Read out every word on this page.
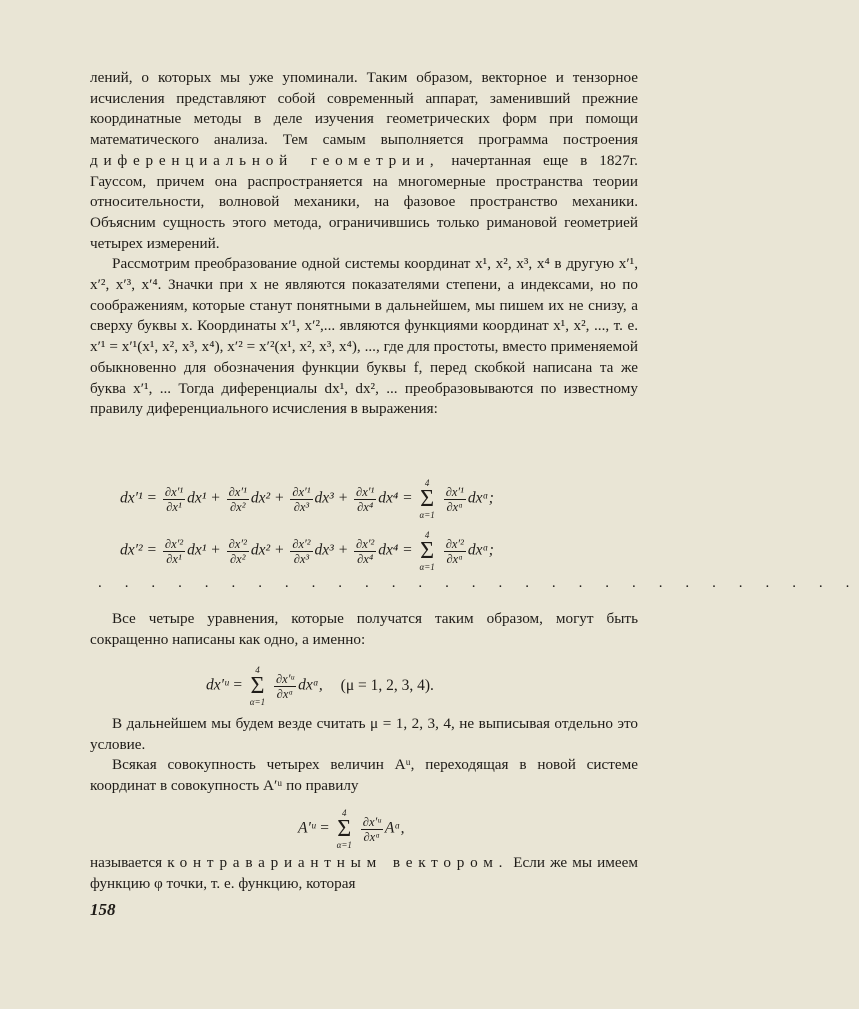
лений, о которых мы уже упоминали. Таким образом, векторное и тензорное исчисления представляют собой современный аппарат, заменивший прежние координатные методы в деле изучения геометрических форм при помощи математического анализа. Тем самым выполняется программа построения диференциальной геометрии, начертанная еще в 1827г. Гауссом, причем она распространяется на многомерные пространства теории относительности, волновой механики, на фазовое пространство механики. Объясним сущность этого метода, ограничившись только римановой геометрией четырех измерений.

Рассмотрим преобразование одной системы координат x¹, x², x³, x⁴ в другую x′¹, x′², x′³, x′⁴. Значки при x не являются показателями степени, а индексами, но по соображениям, которые станут понятными в дальнейшем, мы пишем их не снизу, а сверху буквы x. Координаты x′¹, x′²,... являются функциями координат x¹, x², ..., т. е. x′¹ = x′¹(x¹, x², x³, x⁴), x′² = x′²(x¹, x², x³, x⁴), ..., где для простоты, вместо применяемой обыкновенно для обозначения функции буквы f, перед скобкой написана та же буква x′¹, ... Тогда диференциалы dx¹, dx², ... преобразовываются по известному правилу диференциального исчисления в выражения:

$dx'^1 = \frac{\text{∂x′¹}}{\text{∂x¹}} dx^1 + \frac{\text{∂x′¹}}{\text{∂x²}} dx^2 + \frac{\text{∂x′¹}}{\text{∂x³}} dx^3 + \frac{\text{∂x′¹}}{\text{∂x⁴}} dx^4$ =
4
Σ
α=1

$\frac{\text{∂x′¹}}{\text{∂xᵅ}}$ dxᵅ;
$dx'^2 = \frac{\text{∂x′²}}{\text{∂x¹}} dx^1 + \frac{\text{∂x′²}}{\text{∂x²}} dx^2 + \frac{\text{∂x′²}}{\text{∂x³}} dx^3 + \frac{\text{∂x′²}}{\text{∂x⁴}} dx^4$ =
4
Σ
α=1

$\frac{\text{∂x′²}}{\text{∂xᵅ}}$ dxᵅ;
. . . . . . . . . . . . . . . . . . . . . . . . . . . . .

Все четыре уравнения, которые получатся таким образом, могут быть сокращенно написаны как одно, а именно:

dx′ᵘ =
4
Σ
α=1

$\frac{\text{∂x′ᵘ}}{\text{∂xᵅ}}$ dxᵅ, (μ = 1, 2, 3, 4).

В дальнейшем мы будем везде считать μ = 1, 2, 3, 4, не выписывая отдельно это условие.

Всякая совокупность четырех величин Aᵘ, переходящая в новой системе координат в совокупность A′ᵘ по правилу

A′ᵘ =
4
Σ
α=1

$\frac{\text{∂x′ᵘ}}{\text{∂xᵅ}}$ Aᵅ,

называется контравариантным вектором. Если же мы имеем функцию φ точки, т. е. функцию, которая

158
